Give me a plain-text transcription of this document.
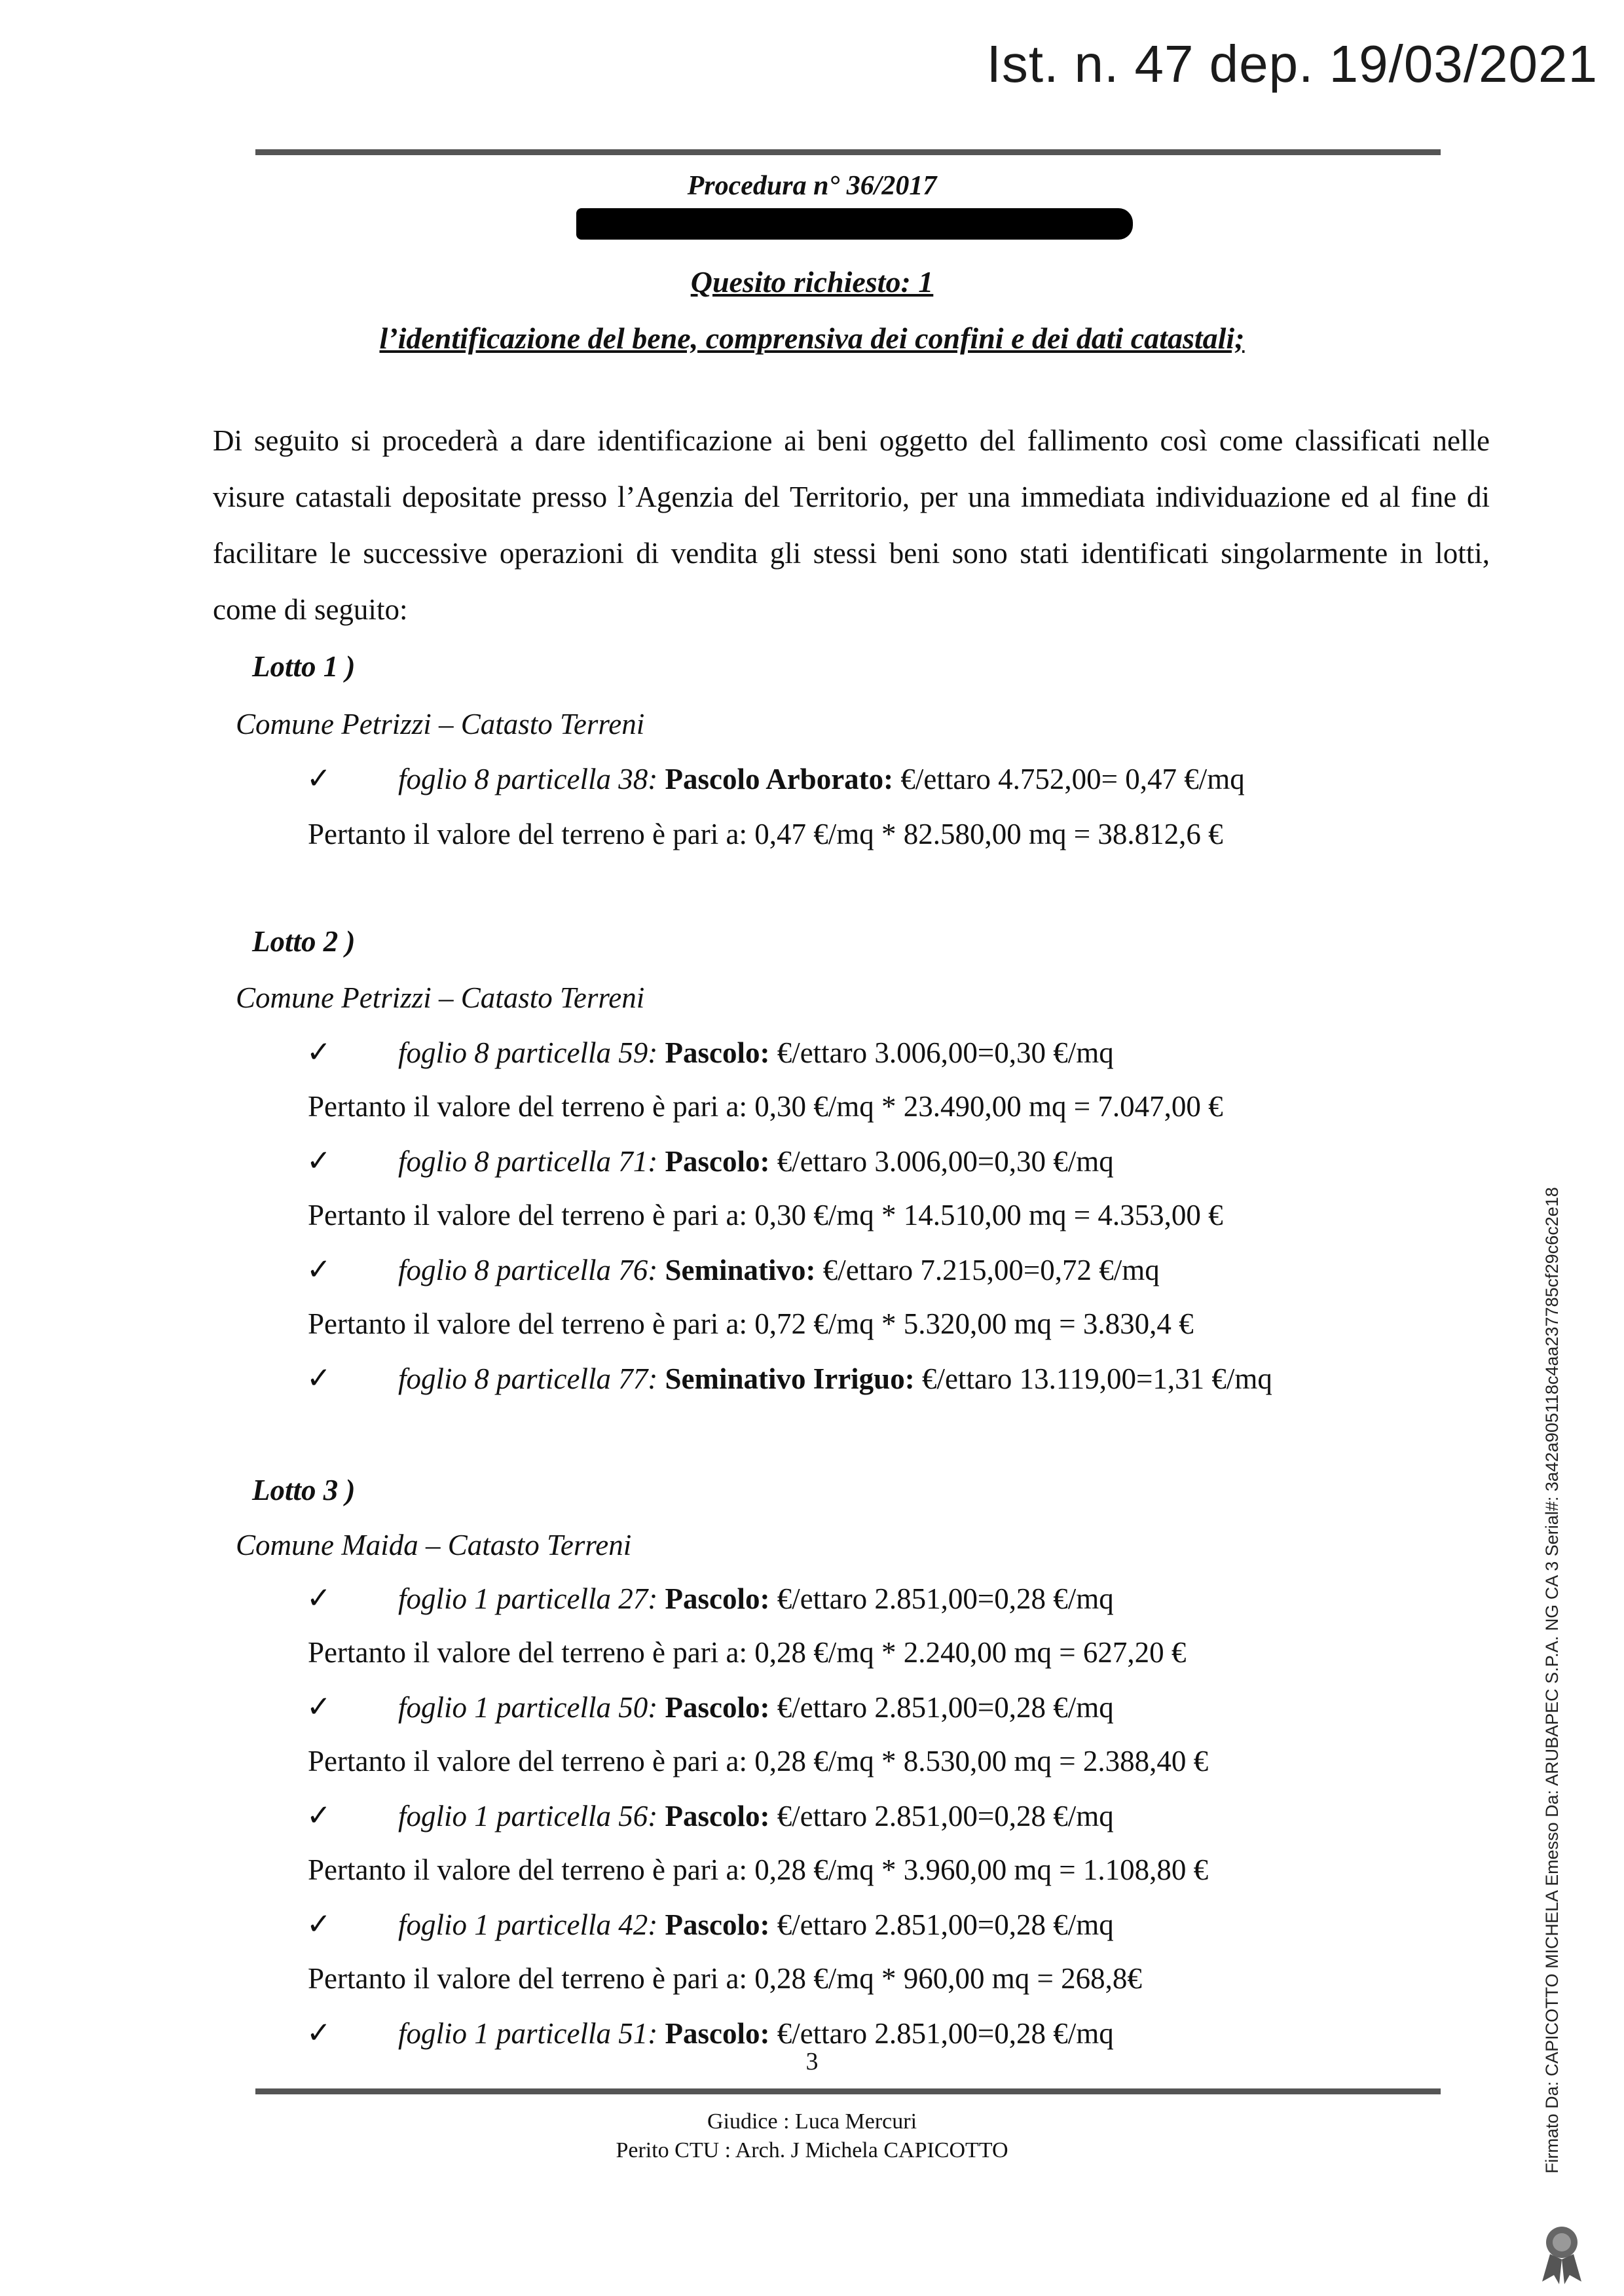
Ist. n. 47 dep. 19/03/2021
Procedura n° 36/2017
Quesito richiesto: 1
l’identificazione del bene, comprensiva dei confini e dei dati catastali;
Di seguito si procederà a dare identificazione ai beni oggetto del fallimento così come classificati nelle visure catastali depositate presso l’Agenzia del Territorio, per una immediata individuazione ed al fine di facilitare le successive operazioni di vendita gli stessi beni sono stati identificati singolarmente in lotti, come di seguito:
Lotto 1 )
Comune Petrizzi – Catasto Terreni
✓ foglio 8 particella 38: Pascolo Arborato: €/ettaro 4.752,00= 0,47 €/mq
Pertanto il valore del terreno è pari a: 0,47 €/mq * 82.580,00 mq = 38.812,6 €
Lotto 2 )
Comune Petrizzi – Catasto Terreni
✓ foglio 8 particella 59: Pascolo: €/ettaro 3.006,00=0,30 €/mq
Pertanto il valore del terreno è pari a: 0,30 €/mq * 23.490,00 mq = 7.047,00 €
✓ foglio 8 particella 71: Pascolo: €/ettaro 3.006,00=0,30 €/mq
Pertanto il valore del terreno è pari a: 0,30 €/mq * 14.510,00 mq = 4.353,00 €
✓ foglio 8 particella 76: Seminativo: €/ettaro 7.215,00=0,72 €/mq
Pertanto il valore del terreno è pari a: 0,72 €/mq * 5.320,00 mq = 3.830,4 €
✓ foglio 8 particella 77: Seminativo Irriguo: €/ettaro 13.119,00=1,31 €/mq
Lotto 3 )
Comune Maida – Catasto Terreni
✓ foglio 1 particella 27: Pascolo: €/ettaro 2.851,00=0,28 €/mq
Pertanto il valore del terreno è pari a: 0,28 €/mq * 2.240,00 mq = 627,20 €
✓ foglio 1 particella 50: Pascolo: €/ettaro 2.851,00=0,28 €/mq
Pertanto il valore del terreno è pari a: 0,28 €/mq * 8.530,00 mq = 2.388,40 €
✓ foglio 1 particella 56: Pascolo: €/ettaro 2.851,00=0,28 €/mq
Pertanto il valore del terreno è pari a: 0,28 €/mq * 3.960,00 mq = 1.108,80 €
✓ foglio 1 particella 42: Pascolo: €/ettaro 2.851,00=0,28 €/mq
Pertanto il valore del terreno è pari a: 0,28 €/mq * 960,00 mq = 268,8€
✓ foglio 1 particella 51: Pascolo: €/ettaro 2.851,00=0,28 €/mq
3
Giudice : Luca Mercuri
Perito CTU : Arch. J Michela CAPICOTTO	Firmato Da: CAPICOTTO MICHELA Emesso Da: ARUBAPEC S.P.A. NG CA 3 Serial#: 3a42a905118c4aa237785cf29c6c2e18
